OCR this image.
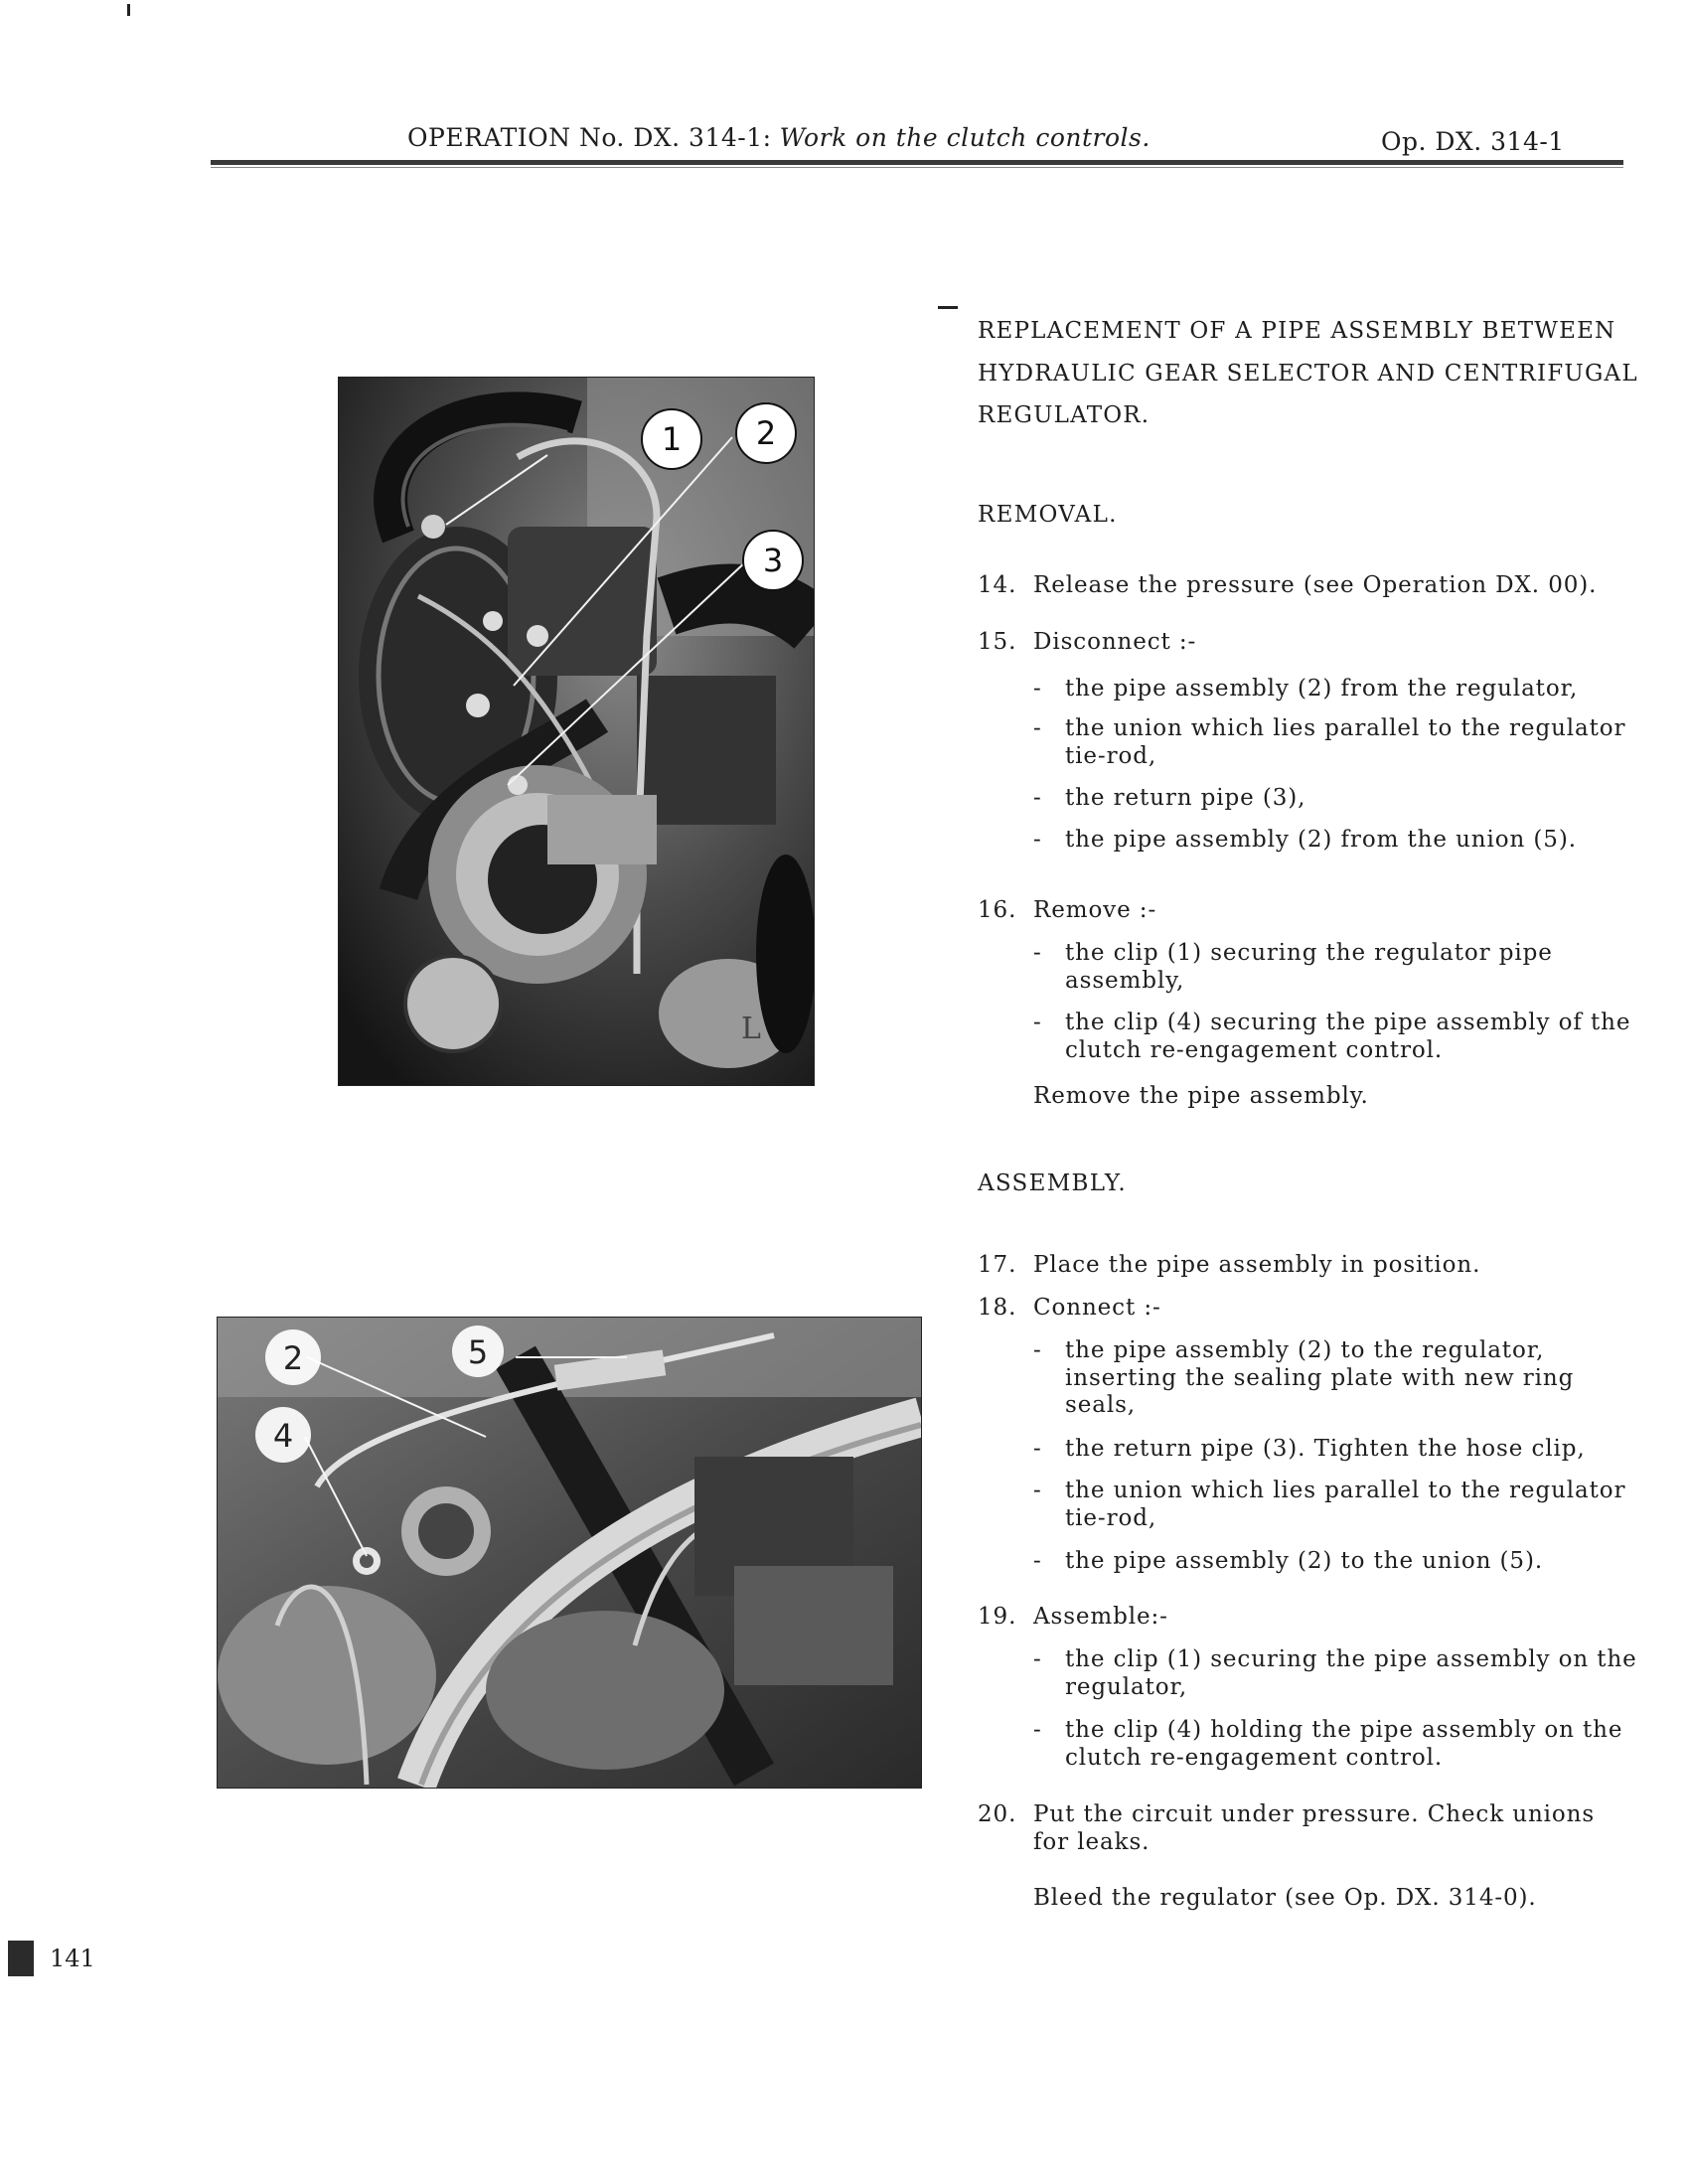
OPERATION No. DX. 314-1: Work on the clutch controls.	Op. DX. 314-1
REPLACEMENT OF A PIPE ASSEMBLY BETWEEN
HYDRAULIC GEAR SELECTOR AND CENTRIFUGAL
REGULATOR.
REMOVAL.
14. Release the pressure (see Operation DX. 00).
15. Disconnect :-
- the pipe assembly (2) from the regulator,
- the union which lies parallel to the regulator tie-rod,
- the return pipe (3),
- the pipe assembly (2) from the union (5).
16. Remove :-
- the clip (1) securing the regulator pipe assembly,
- the clip (4) securing the pipe assembly of the clutch re-engagement control.
Remove the pipe assembly.
ASSEMBLY.
17. Place the pipe assembly in position.
18. Connect :-
- the pipe assembly (2) to the regulator, inserting the sealing plate with new ring seals,
- the return pipe (3). Tighten the hose clip,
- the union which lies parallel to the regulator tie-rod,
- the pipe assembly (2) to the union (5).
19. Assemble:-
- the clip (1) securing the pipe assembly on the regulator,
- the clip (4) holding the pipe assembly on the clutch re-engagement control.
20. Put the circuit under pressure. Check unions for leaks.
Bleed the regulator (see Op. DX. 314-0).
1 2
3
L
2
4
5
141
